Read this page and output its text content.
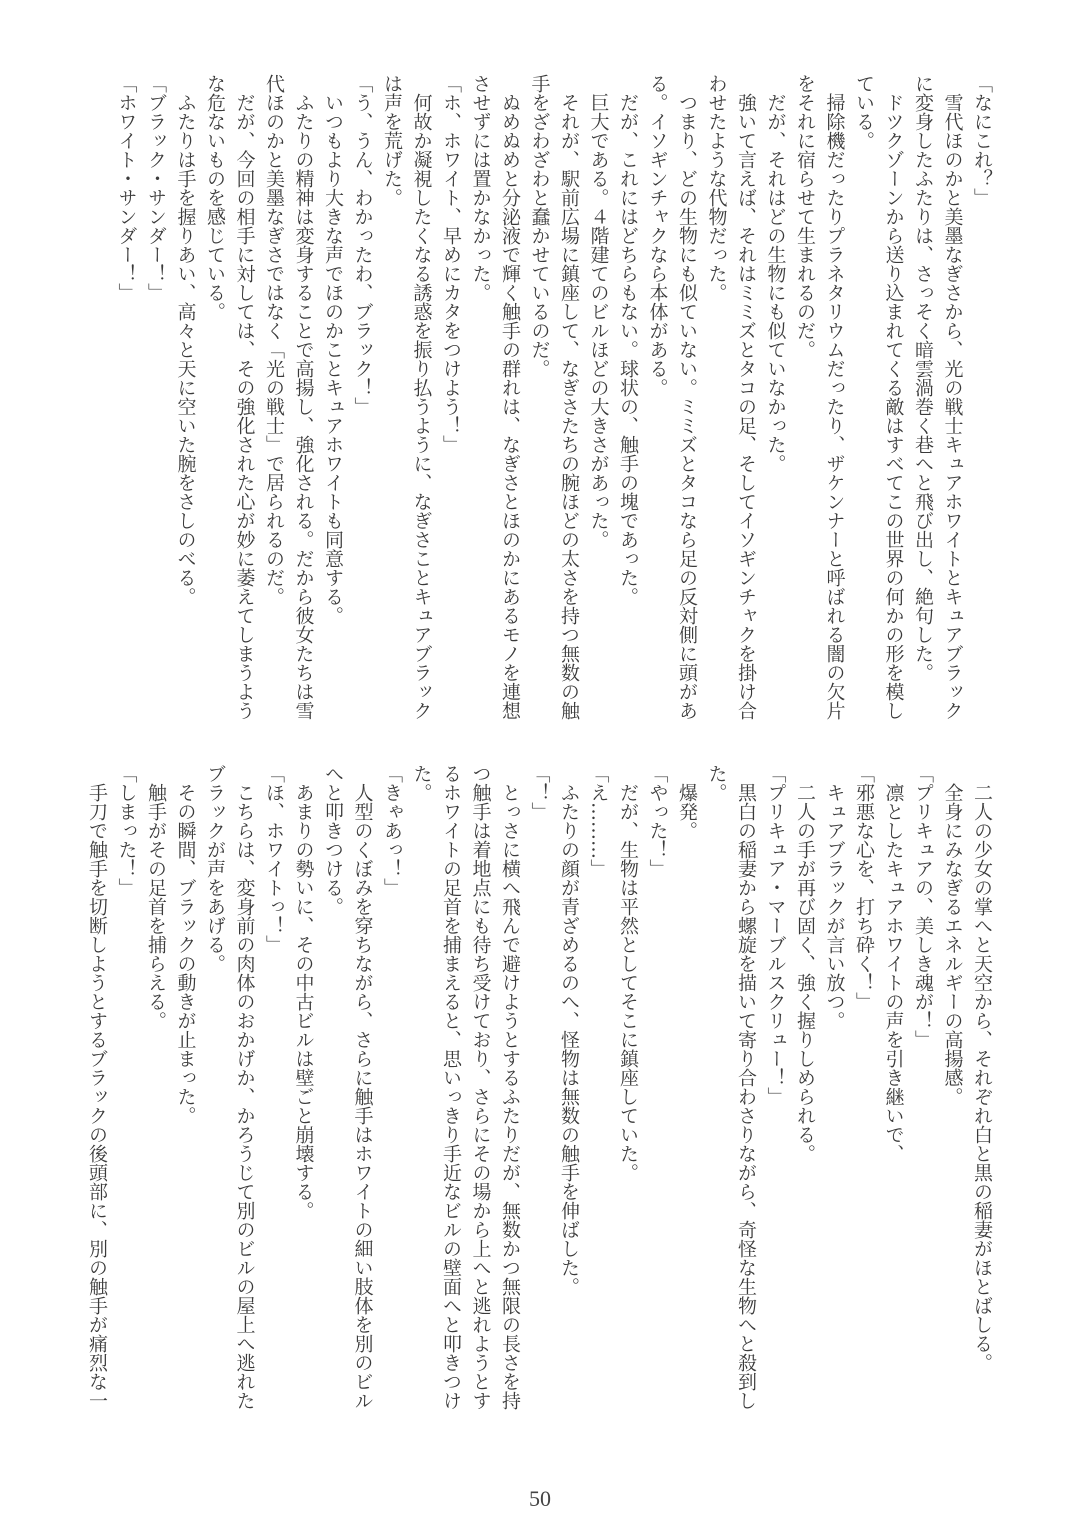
「なにこれ？」
　雪代ほのかと美墨なぎさから、光の戦士キュアホワイトとキュアブラック
に変身したふたりは、さっそく暗雲渦巻く巷へと飛び出し、絶句した。
　ドツクゾーンから送り込まれてくる敵はすべてこの世界の何かの形を模し
ている。
　掃除機だったりプラネタリウムだったり、ザケンナーと呼ばれる闇の欠片
をそれに宿らせて生まれるのだ。
　だが、それはどの生物にも似ていなかった。
　強いて言えば、それはミミズとタコの足、そしてイソギンチャクを掛け合
わせたような代物だった。
　つまり、どの生物にも似ていない。ミミズとタコなら足の反対側に頭があ
る。イソギンチャクなら本体がある。
　だが、これにはどちらもない。球状の、触手の塊であった。
　巨大である。４階建てのビルほどの大きさがあった。
　それが、駅前広場に鎮座して、なぎさたちの腕ほどの太さを持つ無数の触
手をざわざわと蠢かせているのだ。
　ぬめぬめと分泌液で輝く触手の群れは、なぎさとほのかにあるモノを連想
させずには置かなかった。
「ホ、ホワイト、早めにカタをつけよう！」
　何故か凝視したくなる誘惑を振り払うように、なぎさことキュアブラック
は声を荒げた。
「う、うん、わかったわ、ブラック！」
　いつもより大きな声でほのかことキュアホワイトも同意する。
　ふたりの精神は変身することで高揚し、強化される。だから彼女たちは雪
代ほのかと美墨なぎさではなく「光の戦士」で居られるのだ。
　だが、今回の相手に対しては、その強化された心が妙に萎えてしまうよう
な危ないものを感じている。
　ふたりは手を握りあい、高々と天に空いた腕をさしのべる。
「ブラック・サンダー！」
「ホワイト・サンダー！」
　二人の少女の掌へと天空から、それぞれ白と黒の稲妻がほとばしる。
　全身にみなぎるエネルギーの高揚感。
「プリキュアの、美しき魂が！」
　凛としたキュアホワイトの声を引き継いで、
「邪悪な心を、打ち砕く！」
　キュアブラックが言い放つ。
　二人の手が再び固く、強く握りしめられる。
「プリキュア・マーブルスクリュー！」
　黒白の稲妻から螺旋を描いて寄り合わさりながら、奇怪な生物へと殺到し
た。
　爆発。
「やった！」
　だが、生物は平然としてそこに鎮座していた。
「え………」
　ふたりの顔が青ざめるのへ、怪物は無数の触手を伸ばした。
「！」
　とっさに横へ飛んで避けようとするふたりだが、無数かつ無限の長さを持
つ触手は着地点にも待ち受けており、さらにその場から上へと逃れようとす
るホワイトの足首を捕まえると、思いっきり手近なビルの壁面へと叩きつけ
た。
「きゃあっ！」
　人型のくぼみを穿ちながら、さらに触手はホワイトの細い肢体を別のビル
へと叩きつける。
　あまりの勢いに、その中古ビルは壁ごと崩壊する。
「ほ、ホワイトっ！」
　こちらは、変身前の肉体のおかげか、かろうじて別のビルの屋上へ逃れた
ブラックが声をあげる。
　その瞬間、ブラックの動きが止まった。
　触手がその足首を捕らえる。
「しまった！」
　手刀で触手を切断しようとするブラックの後頭部に、別の触手が痛烈な一
50
